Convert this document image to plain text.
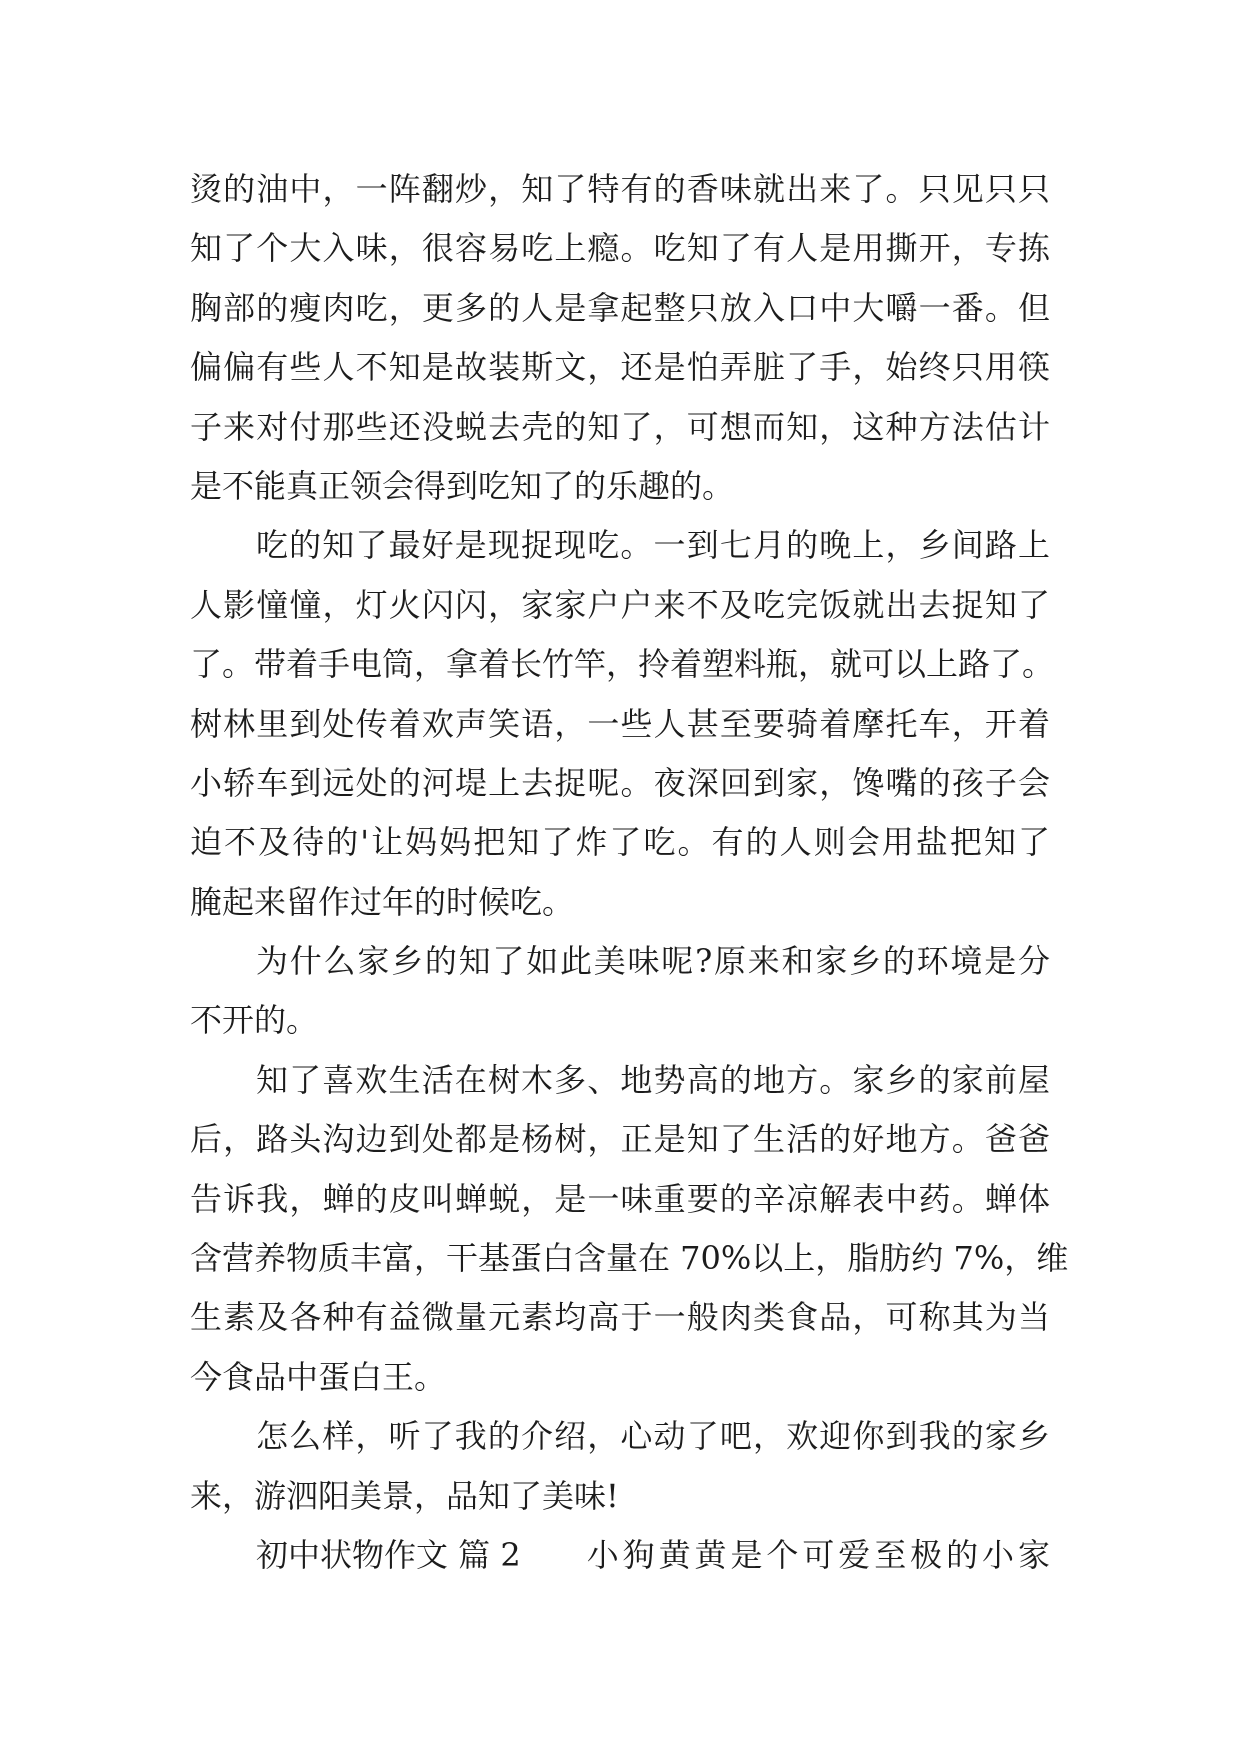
烫的油中，一阵翻炒，知了特有的香味就出来了。只见只只
知了个大入味，很容易吃上瘾。吃知了有人是用撕开，专拣
胸部的瘦肉吃，更多的人是拿起整只放入口中大嚼一番。但
偏偏有些人不知是故装斯文，还是怕弄脏了手，始终只用筷
子来对付那些还没蜕去壳的知了，可想而知，这种方法估计
是不能真正领会得到吃知了的乐趣的。
吃的知了最好是现捉现吃。一到七月的晚上，乡间路上
人影憧憧，灯火闪闪，家家户户来不及吃完饭就出去捉知了
了。带着手电筒，拿着长竹竿，拎着塑料瓶，就可以上路了。
树林里到处传着欢声笑语，一些人甚至要骑着摩托车，开着
小轿车到远处的河堤上去捉呢。夜深回到家，馋嘴的孩子会
迫不及待的'让妈妈把知了炸了吃。有的人则会用盐把知了
腌起来留作过年的时候吃。
为什么家乡的知了如此美味呢?原来和家乡的环境是分
不开的。
知了喜欢生活在树木多、地势高的地方。家乡的家前屋
后，路头沟边到处都是杨树，正是知了生活的好地方。爸爸
告诉我，蝉的皮叫蝉蜕，是一味重要的辛凉解表中药。蝉体
含营养物质丰富，干基蛋白含量在 70%以上，脂肪约 7%，维
生素及各种有益微量元素均高于一般肉类食品，可称其为当
今食品中蛋白王。
怎么样，听了我的介绍，心动了吧，欢迎你到我的家乡
来，游泗阳美景，品知了美味!
初中状物作文 篇 2 小狗黄黄是个可爱至极的小家
